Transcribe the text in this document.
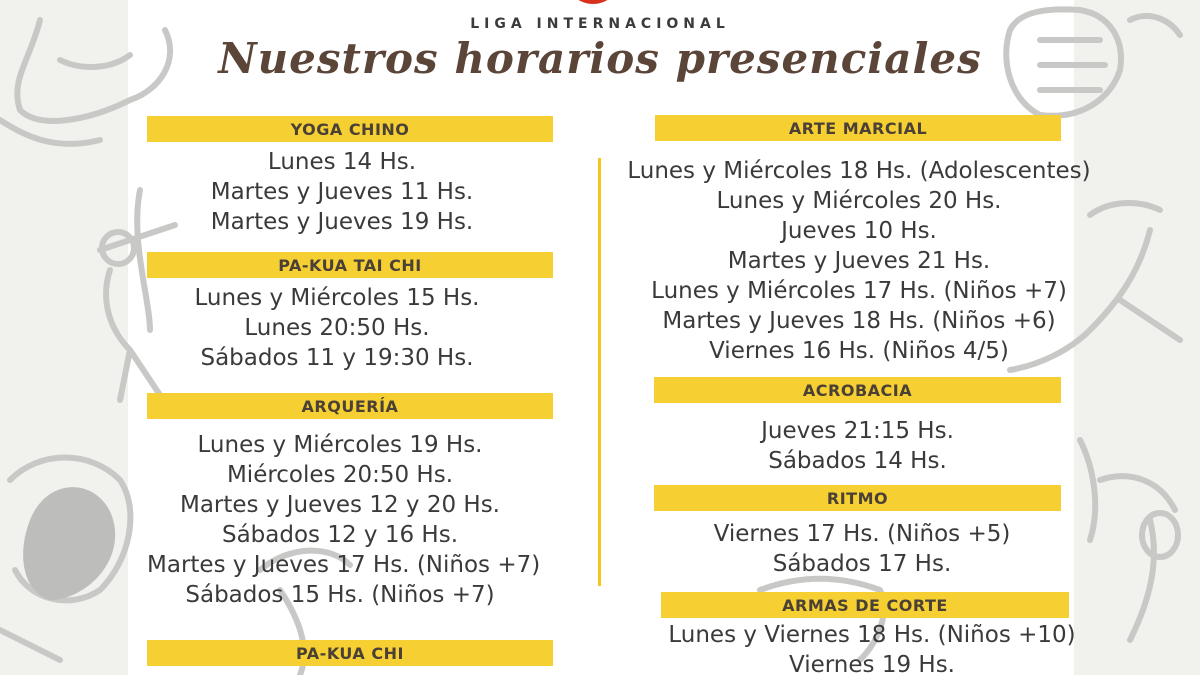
LIGA INTERNACIONAL
Nuestros horarios presenciales
YOGA CHINO
Lunes 14 Hs.
Martes y Jueves 11 Hs.
Martes y Jueves 19 Hs.
PA-KUA TAI CHI
Lunes y Miércoles 15 Hs.
Lunes 20:50 Hs.
Sábados 11 y 19:30 Hs.
ARQUERÍA
Lunes y Miércoles 19 Hs.
Miércoles 20:50 Hs.
Martes y Jueves 12 y 20 Hs.
Sábados 12 y 16 Hs.
Martes y Jueves 17 Hs. (Niños +7)
Sábados 15 Hs. (Niños +7)
PA-KUA CHI
ARTE MARCIAL
Lunes y Miércoles 18 Hs. (Adolescentes)
Lunes y Miércoles 20 Hs.
Jueves 10 Hs.
Martes y Jueves 21 Hs.
Lunes y Miércoles 17 Hs. (Niños +7)
Martes y Jueves 18 Hs. (Niños +6)
Viernes 16 Hs. (Niños 4/5)
ACROBACIA
Jueves 21:15 Hs.
Sábados 14 Hs.
RITMO
Viernes 17 Hs. (Niños +5)
Sábados 17 Hs.
ARMAS DE CORTE
Lunes y Viernes 18 Hs. (Niños +10)
Viernes 19 Hs.
